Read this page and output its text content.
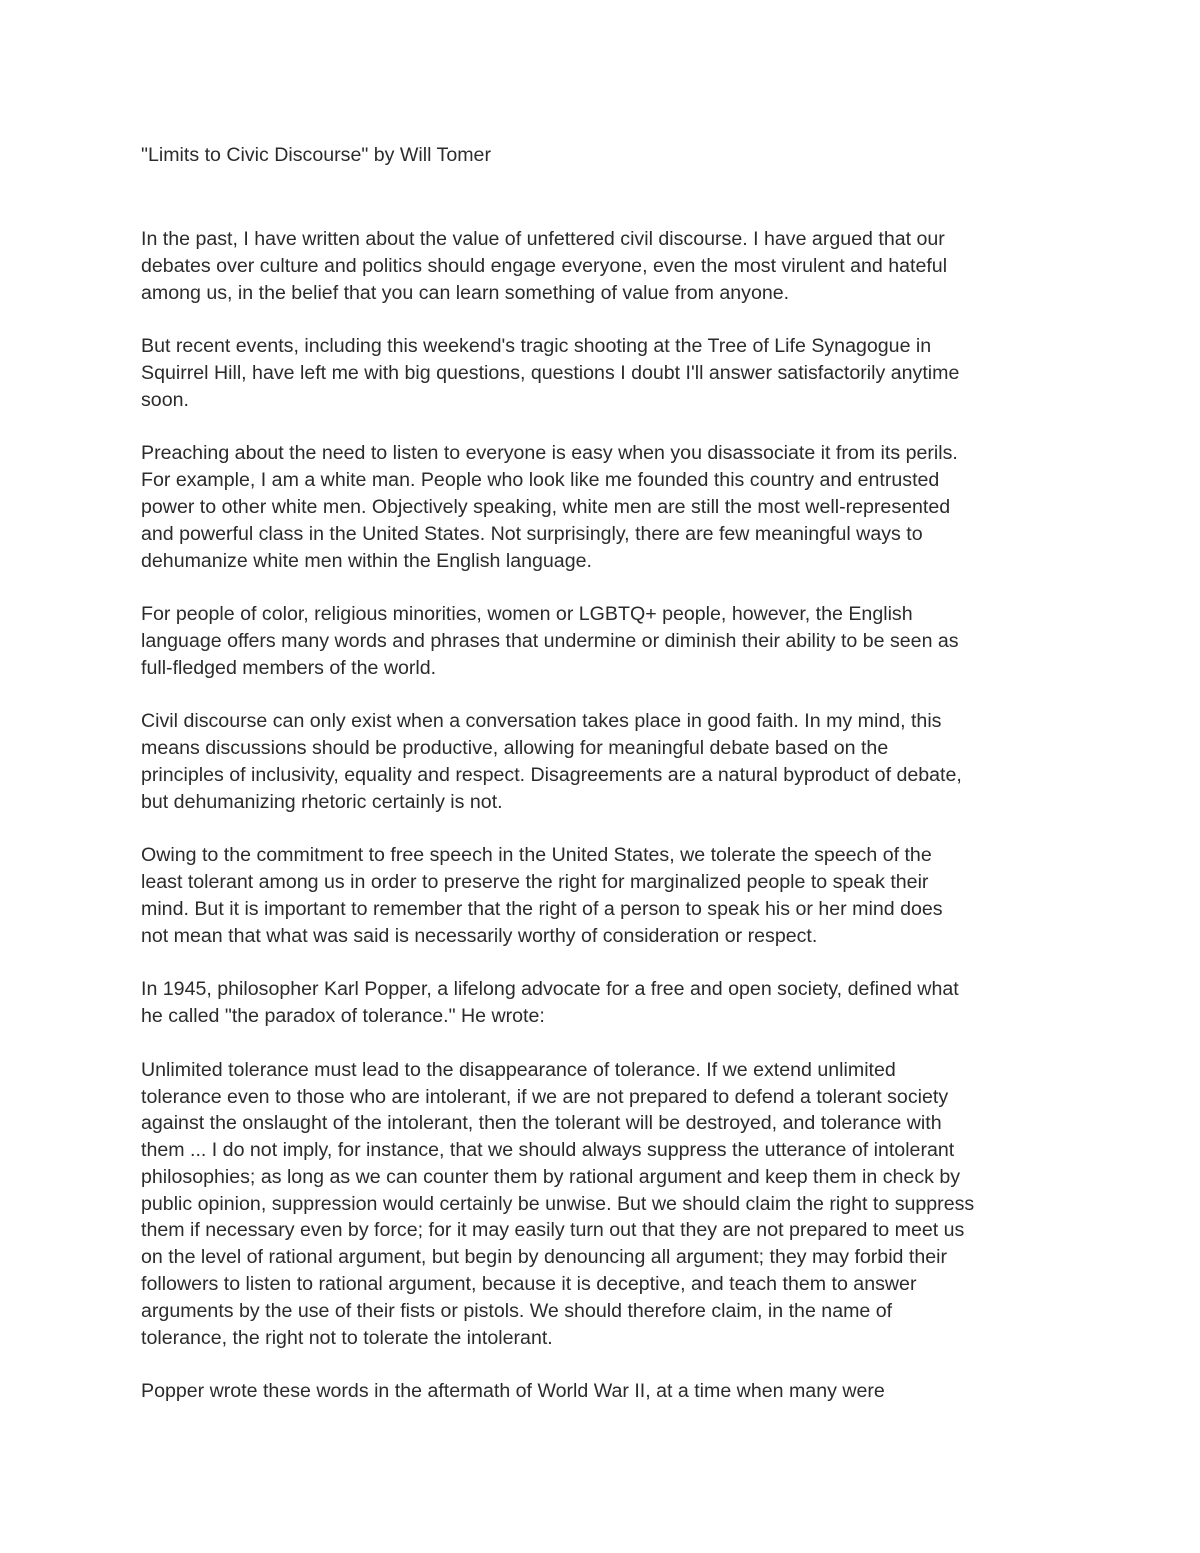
"Limits to Civic Discourse" by Will Tomer

In the past, I have written about the value of unfettered civil discourse. I have argued that our
debates over culture and politics should engage everyone, even the most virulent and hateful
among us, in the belief that you can learn something of value from anyone.

But recent events, including this weekend's tragic shooting at the Tree of Life Synagogue in
Squirrel Hill, have left me with big questions, questions I doubt I'll answer satisfactorily anytime
soon.

Preaching about the need to listen to everyone is easy when you disassociate it from its perils.
For example, I am a white man. People who look like me founded this country and entrusted
power to other white men. Objectively speaking, white men are still the most well-represented
and powerful class in the United States. Not surprisingly, there are few meaningful ways to
dehumanize white men within the English language.

For people of color, religious minorities, women or LGBTQ+ people, however, the English
language offers many words and phrases that undermine or diminish their ability to be seen as
full-fledged members of the world.

Civil discourse can only exist when a conversation takes place in good faith. In my mind, this
means discussions should be productive, allowing for meaningful debate based on the
principles of inclusivity, equality and respect. Disagreements are a natural byproduct of debate,
but dehumanizing rhetoric certainly is not.

Owing to the commitment to free speech in the United States, we tolerate the speech of the
least tolerant among us in order to preserve the right for marginalized people to speak their
mind. But it is important to remember that the right of a person to speak his or her mind does
not mean that what was said is necessarily worthy of consideration or respect.

In 1945, philosopher Karl Popper, a lifelong advocate for a free and open society, defined what
he called "the paradox of tolerance." He wrote:

Unlimited tolerance must lead to the disappearance of tolerance. If we extend unlimited
tolerance even to those who are intolerant, if we are not prepared to defend a tolerant society
against the onslaught of the intolerant, then the tolerant will be destroyed, and tolerance with
them ... I do not imply, for instance, that we should always suppress the utterance of intolerant
philosophies; as long as we can counter them by rational argument and keep them in check by
public opinion, suppression would certainly be unwise. But we should claim the right to suppress
them if necessary even by force; for it may easily turn out that they are not prepared to meet us
on the level of rational argument, but begin by denouncing all argument; they may forbid their
followers to listen to rational argument, because it is deceptive, and teach them to answer
arguments by the use of their fists or pistols. We should therefore claim, in the name of
tolerance, the right not to tolerate the intolerant.

Popper wrote these words in the aftermath of World War II, at a time when many were
